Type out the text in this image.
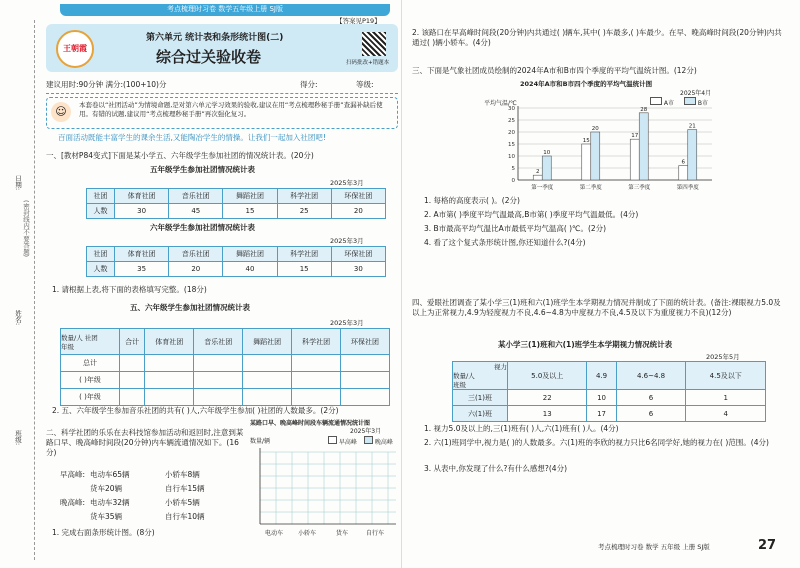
日期:
姓名:
班级:
(密封线内不要答题)
考点梳理时习卷 数学五年级上册 SJ版
王朝霞
【答案见P19】
第六单元 统计表和条形统计图(二)
综合过关验收卷	扫码批改+错题本
建议用时:90分钟 满分:(100+10)分	得分:	等级:
☺	本套卷以“社团活动”为情境命题,是对第六单元学习效果的验收,建议在用“考点梳理秒秘手册”查漏补缺后使用。有错的试题,建议用“考点梳理秒秘手册”再次强化复习。
百面活动既能丰富学生的课余生活,又能陶冶学生的情操。让我们一起加入社团吧!
一、[教材P84变式]下面是某小学五、六年级学生参加社团的情况统计表。(20分)
五年级学生参加社团情况统计表
2025年3月
社团	体育社团	音乐社团	舞蹈社团	科学社团	环保社团
人数	30	45	15	25	20
六年级学生参加社团情况统计表
2025年3月
社团	体育社团	音乐社团	舞蹈社团	科学社团	环保社团
人数	35	20	40	15	30
1. 请根据上表,将下面的表格填写完整。(18分)
五、六年级学生参加社团情况统计表
2025年3月
数量/人 社团
年级	合计	体育社团	音乐社团	舞蹈社团	科学社团	环保社团
总计						
( )年级						
( )年级						
2. 五、六年级学生参加音乐社团的共有( )人,六年级学生参加( )社团的人数最多。(2分)
二、科学社团的乐乐在去科技馆参加活动和返回时,注意到某路口早、晚高峰时间段(20分钟)内车辆流通情况如下。(16分)
早高峰: 电动车65辆	小轿车8辆
货车20辆	自行车15辆
晚高峰: 电动车32辆	小轿车5辆
货车35辆	自行车10辆
1. 完成右面条形统计图。(8分)
某路口早、晚高峰时间段车辆流通情况统计图
2025年3月
数量/辆	早高峰	晚高峰
电动车 小轿车	货车	自行车
2. 该路口在早高峰时间段(20分钟)内共通过( )辆车,其中( )车最多,( )车最少。在早、晚高峰时间段(20分钟)内共通过( )辆小轿车。(4分)
三、下面是气象社团成员绘制的2024年A市和B市四个季度的平均气温统计图。(12分)
2024年A市和B市四个季度的平均气温统计图
2025年4月
平均气温/℃	A市	B市
0
5
10
15
20
25
30
2
10
第一季度
15
20
第二季度
17
28
第三季度
6
21
第四季度
1. 每格的高度表示( )。(2分)
2. A市第( )季度平均气温最高,B市第( )季度平均气温最低。(4分)
3. B市最高平均气温比A市最低平均气温高( )℃。(2分)
4. 看了这个复式条形统计图,你还知道什么?(4分)
四、爱眼社团调查了某小学三(1)班和六(1)班学生本学期视力情况并制成了下面的统计表。(备注:裸眼视力5.0及以上为正常视力,4.9为轻度视力不良,4.6~4.8为中度视力不良,4.5及以下为重度视力不良)(12分)
某小学三(1)班和六(1)班学生本学期视力情况统计表
2025年5月
视力
数量/人
班级	5.0及以上	4.9	4.6~4.8	4.5及以下
三(1)班	22	10	6	1
六(1)班	13	17	6	4
1. 视力5.0及以上的,三(1)班有( )人,六(1)班有( )人。(4分)
2. 六(1)班同学中,视力是( )的人数最多。六(1)班的李欣的视力只比6名同学好,她的视力在( )范围。(4分)
3. 从表中,你发现了什么?有什么感想?(4分)
考点梳理时习卷 数学 五年级 上册 SJ版	27
